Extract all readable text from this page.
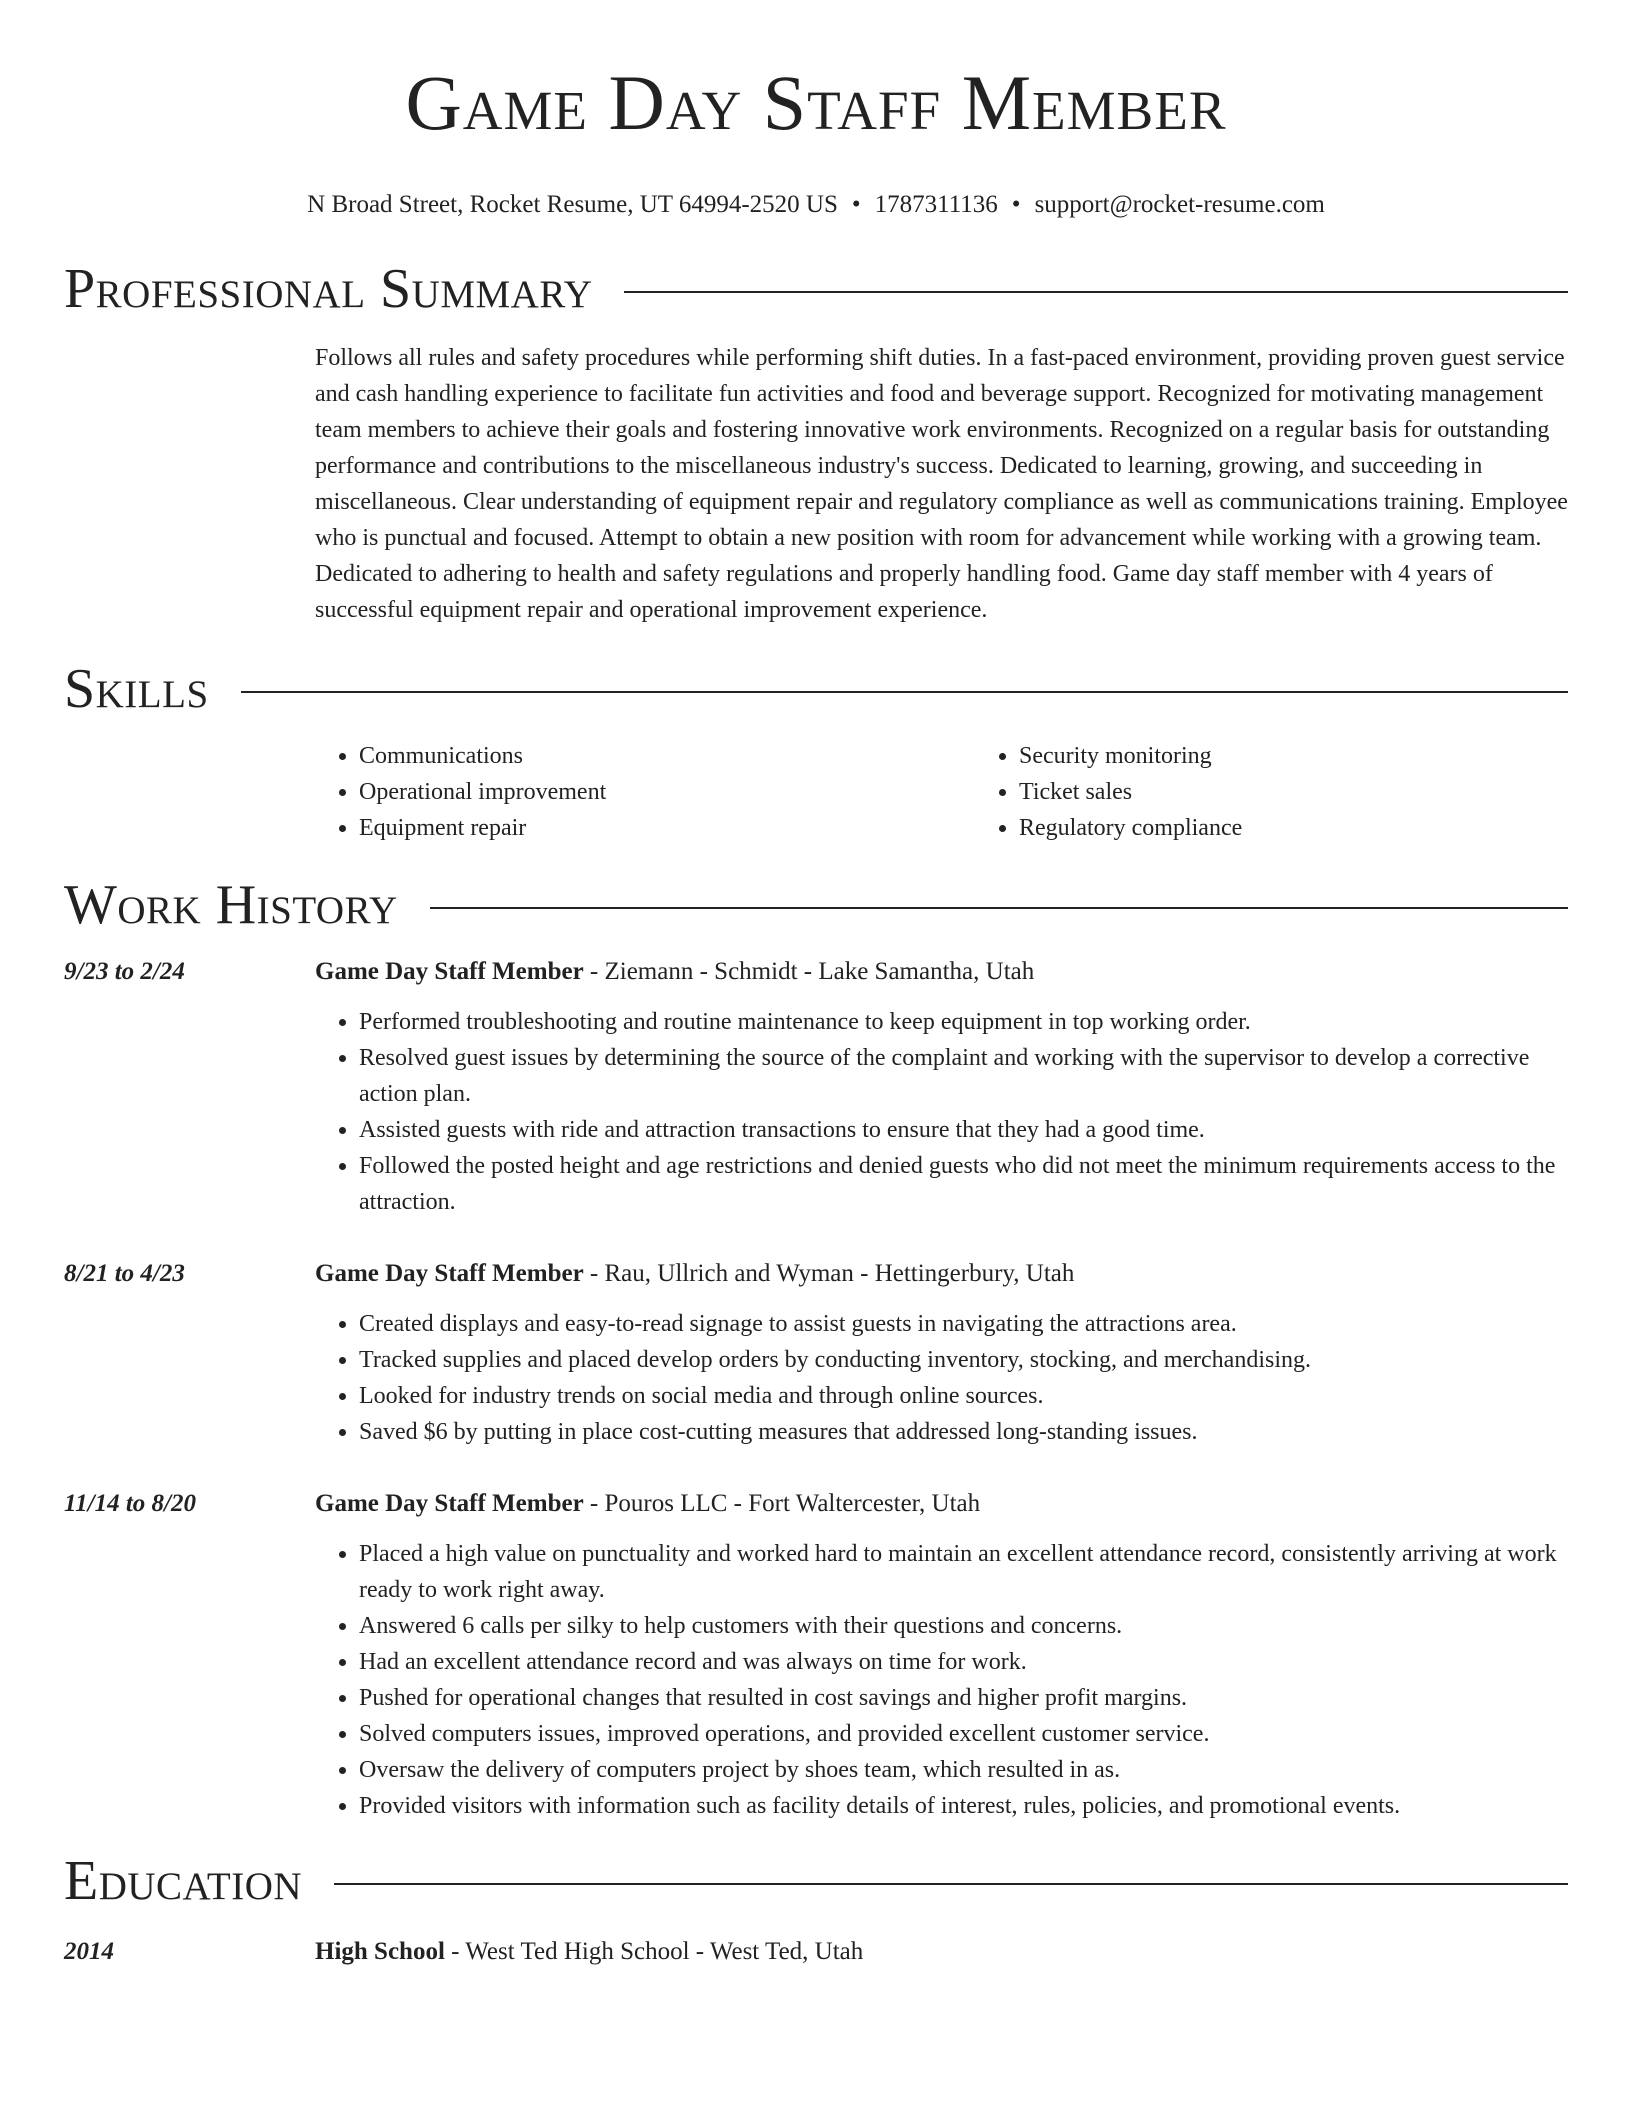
Game Day Staff Member
N Broad Street, Rocket Resume, UT 64994-2520 US • 1787311136 • support@rocket-resume.com
Professional Summary

Follows all rules and safety procedures while performing shift duties. In a fast-paced environment, providing proven guest service and cash handling experience to facilitate fun activities and food and beverage support. Recognized for motivating management team members to achieve their goals and fostering innovative work environments. Recognized on a regular basis for outstanding performance and contributions to the miscellaneous industry's success. Dedicated to learning, growing, and succeeding in miscellaneous. Clear understanding of equipment repair and regulatory compliance as well as communications training. Employee who is punctual and focused. Attempt to obtain a new position with room for advancement while working with a growing team. Dedicated to adhering to health and safety regulations and properly handling food. Game day staff member with 4 years of successful equipment repair and operational improvement experience.

Skills
• Communications
• Operational improvement
• Equipment repair
• Security monitoring
• Ticket sales
• Regulatory compliance
Work History
9/23 to 2/24	Game Day Staff Member - Ziemann - Schmidt - Lake Samantha, Utah
• Performed troubleshooting and routine maintenance to keep equipment in top working order.
• Resolved guest issues by determining the source of the complaint and working with the supervisor to develop a corrective action plan.
• Assisted guests with ride and attraction transactions to ensure that they had a good time.
• Followed the posted height and age restrictions and denied guests who did not meet the minimum requirements access to the attraction.
8/21 to 4/23	Game Day Staff Member - Rau, Ullrich and Wyman - Hettingerbury, Utah
• Created displays and easy-to-read signage to assist guests in navigating the attractions area.
• Tracked supplies and placed develop orders by conducting inventory, stocking, and merchandising.
• Looked for industry trends on social media and through online sources.
• Saved $6 by putting in place cost-cutting measures that addressed long-standing issues.
11/14 to 8/20	Game Day Staff Member - Pouros LLC - Fort Waltercester, Utah
• Placed a high value on punctuality and worked hard to maintain an excellent attendance record, consistently arriving at work ready to work right away.
• Answered 6 calls per silky to help customers with their questions and concerns.
• Had an excellent attendance record and was always on time for work.
• Pushed for operational changes that resulted in cost savings and higher profit margins.
• Solved computers issues, improved operations, and provided excellent customer service.
• Oversaw the delivery of computers project by shoes team, which resulted in as.
• Provided visitors with information such as facility details of interest, rules, policies, and promotional events.
Education
2014	High School - West Ted High School - West Ted, Utah
